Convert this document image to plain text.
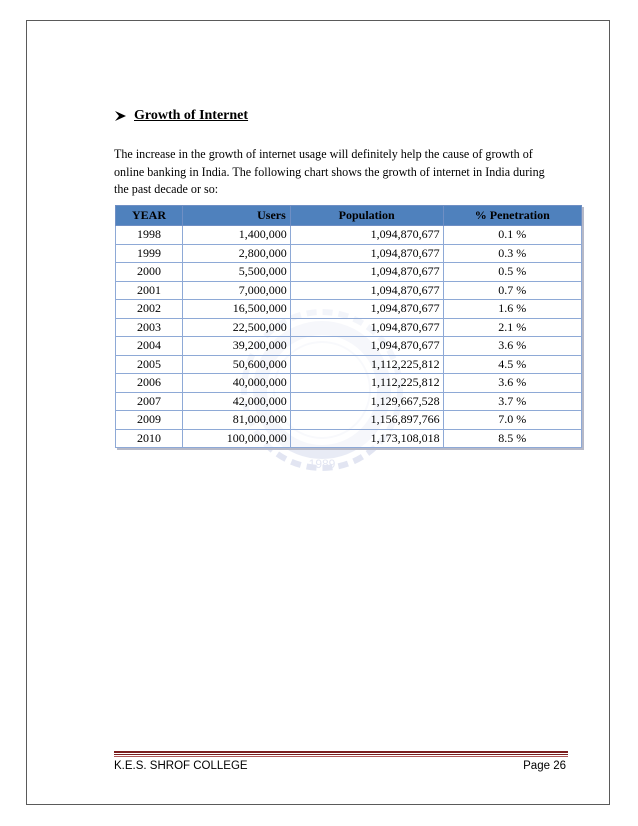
1989
Growth of Internet
The increase in the growth of internet usage will definitely help the cause of growth of online banking in India. The following chart shows the growth of internet in India during the past decade or so:
YEAR	Users	Population	% Penetration
1998	1,400,000	1,094,870,677	0.1 %
1999	2,800,000	1,094,870,677	0.3 %
2000	5,500,000	1,094,870,677	0.5 %
2001	7,000,000	1,094,870,677	0.7 %
2002	16,500,000	1,094,870,677	1.6 %
2003	22,500,000	1,094,870,677	2.1 %
2004	39,200,000	1,094,870,677	3.6 %
2005	50,600,000	1,112,225,812	4.5 %
2006	40,000,000	1,112,225,812	3.6 %
2007	42,000,000	1,129,667,528	3.7 %
2009	81,000,000	1,156,897,766	7.0 %
2010	100,000,000	1,173,108,018	8.5 %
K.E.S. SHROF COLLEGE	Page 26
